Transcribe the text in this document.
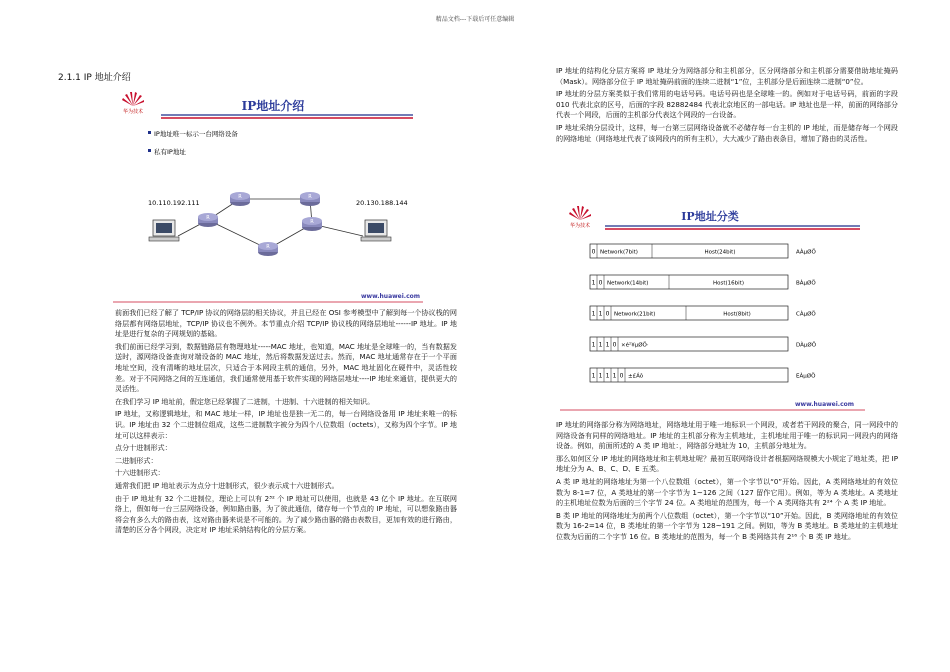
精品文档---下载后可任意编辑
2.1.1 IP 地址介绍
华为技术	IP地址介绍
IP地址唯一标示一台网络设备
私有IP地址
10.110.192.111	20.130.188.144
R
R	R
R
R
www.huawei.com

前面我们已经了解了 TCP/IP 协议的网络层的相关协议，并且已经在 OSI 参考模型中了解到每一个协议栈的网络层都有网络层地址，TCP/IP 协议也不例外。本节重点介绍 TCP/IP 协议栈的网络层地址------IP 地址。IP 地址是进行复杂的子网规划的基础。

我们前面已经学习到，数据链路层有物理地址-----MAC 地址，也知道，MAC 地址是全球唯一的，当有数据发送时，源网络设备查询对端设备的 MAC 地址，然后将数据发送过去。然而，MAC 地址通常存在于一个平面地址空间，没有清晰的地址层次，只适合于本网段主机的通信，另外，MAC 地址固化在硬件中，灵活性较差。对于不同网络之间的互连通信，我们通常使用基于软件实现的网络层地址----IP 地址来通信，提供更大的灵活性。

在我们学习 IP 地址前，假定您已经掌握了二进制，十进制、十六进制的相关知识。

IP 地址，又称逻辑地址，和 MAC 地址一样，IP 地址也是独一无二的，每一台网络设备用 IP 地址来唯一的标识。IP 地址由 32 个二进制位组成，这些二进制数字被分为四个八位数组（octets），又称为四个字节。IP 地址可以这样表示：

点分十进制形式：

二进制形式：

十六进制形式：

通常我们把 IP 地址表示为点分十进制形式，很少表示成十六进制形式。

由于 IP 地址有 32 个二进制位，理论上可以有 2³² 个 IP 地址可以使用，也就是 43 亿个 IP 地址。在互联网络上，假如每一台三层网络设备，例如路由器，为了彼此通信，储存每一个节点的 IP 地址，可以想象路由器将会有多么大的路由表，这对路由器来说是不可能的。为了减少路由器的路由表数目，更加有效的进行路由，清楚的区分各个网段，决定对 IP 地址采纳结构化的分层方案。

IP 地址的结构化分层方案将 IP 地址分为网络部分和主机部分，区分网络部分和主机部分需要借助地址掩码（Mask）。网络部分位于 IP 地址掩码前面的连续二进制“1”位，主机部分是后面连续二进制“0”位。

IP 地址的分层方案类似于我们常用的电话号码。电话号码也是全球唯一的。例如对于电话号码，前面的字段 010 代表北京的区号，后面的字段 82882484 代表北京地区的一部电话。IP 地址也是一样，前面的网络部分代表一个网段，后面的主机部分代表这个网段的一台设备。

IP 地址采纳分层设计，这样，每一台第三层网络设备就不必储存每一台主机的 IP 地址，而是储存每一个网段的网络地址（网络地址代表了该网段内的所有主机），大大减少了路由表条目，增加了路由的灵活性。

华为技术
IP地址分类
0 Network(7bit)	Host(24bit)	AÀµØÖ
1 0 Network(14bit)	Host(16bit)	BÀµØÖ
1 1 0 Network(21bit)	Host(8bit)	CÀµØÖ
1 1 1 0 ×é²¥µØÖ·	DÀµØÖ
1 1 1 1 0 ±£Áô	EÀµØÖ
www.huawei.com

IP 地址的网络部分称为网络地址，网络地址用于唯一地标识一个网段，或者若干网段的聚合，同一网段中的网络设备有同样的网络地址。IP 地址的主机部分称为主机地址，主机地址用于唯一的标识同一网段内的网络设备。例如，前面所述的 A 类 IP 地址：，网络部分地址为 10，主机部分地址为。

那么如何区分 IP 地址的网络地址和主机地址呢？最初互联网络设计者根据网络规模大小规定了地址类，把 IP 地址分为 A、B、C、D、E 五类。

A 类 IP 地址的网络地址为第一个八位数组（octet），第一个字节以“0”开始。因此，A 类网络地址的有效位数为 8-1=7 位，A 类地址的第一个字节为 1~126 之间（127 留作它用）。例如，等为 A 类地址。A 类地址的主机地址位数为后面的三个字节 24 位。A 类地址的范围为，每一个 A 类网络共有 2²⁴ 个 A 类 IP 地址。

B 类 IP 地址的网络地址为前两个八位数组（octet），第一个字节以“10”开始。因此，B 类网络地址的有效位数为 16-2=14 位，B 类地址的第一个字节为 128~191 之间。例如，等为 B 类地址。B 类地址的主机地址位数为后面的二个字节 16 位。B 类地址的范围为，每一个 B 类网络共有 2¹⁶ 个 B 类 IP 地址。
